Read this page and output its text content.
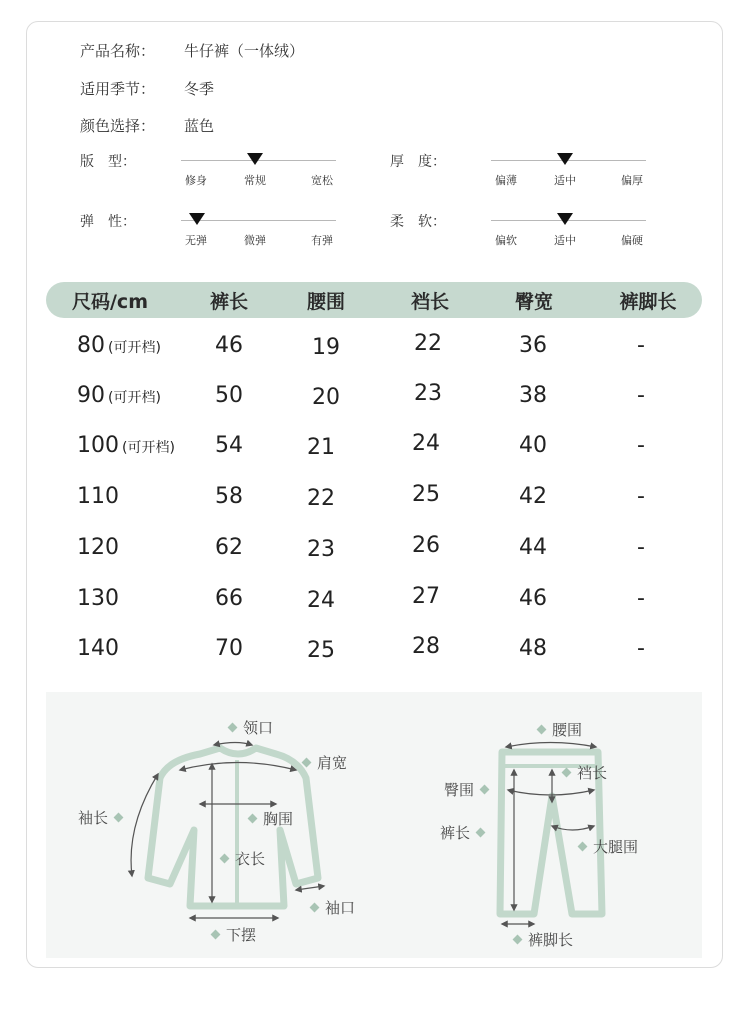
产品名称： 牛仔裤（一体绒）
适用季节： 冬季
颜色选择： 蓝色
版　型：
修身	常规	宽松
厚　度：
偏薄	适中	偏厚
弹　性：
无弹	微弹	有弹
柔　软：
偏软	适中	偏硬
尺码/cm	裤长	腰围	裆长	臀宽	裤脚长
80 (可开档) 46	19	22	36	-
90 (可开档) 50	20	23	38	-
100 (可开档) 54	21	24	40	-
110	58	22	25	42	-
120	62	23	26	44	-
130	66	24	27	46	-
140	70	25	28	48	-
领口
肩宽
袖长	胸围
衣长
袖口
下摆
腰围
裆长
臀围
裤长
大腿围
裤脚长
